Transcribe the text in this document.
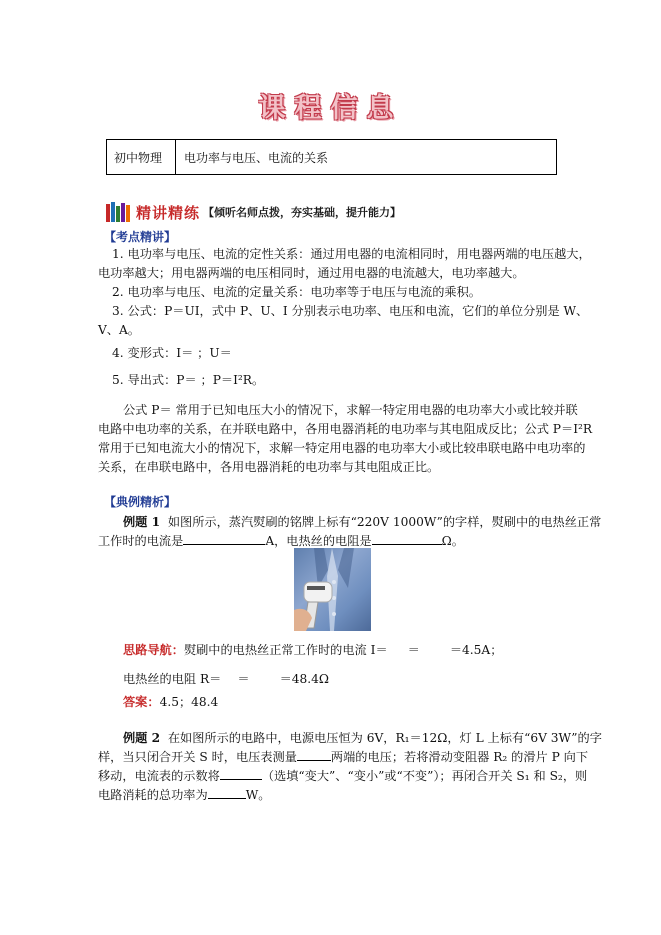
课程信息
初中物理	电功率与电压、电流的关系
精讲精练 【倾听名师点拨，夯实基础，提升能力】
【考点精讲】
1. 电功率与电压、电流的定性关系：通过用电器的电流相同时，用电器两端的电压越大，
电功率越大；用电器两端的电压相同时，通过用电器的电流越大，电功率越大。
2. 电功率与电压、电流的定量关系：电功率等于电压与电流的乘积。
3. 公式：P＝UI，式中 P、U、I 分别表示电功率、电压和电流，它们的单位分别是 W、
V、A。
4. 变形式：I＝ ；U＝
5. 导出式：P＝ ；P＝I²R。
公式 P＝ 常用于已知电压大小的情况下，求解一特定用电器的电功率大小或比较并联
电路中电功率的关系，在并联电路中，各用电器消耗的电功率与其电阻成反比；公式 P＝I²R
常用于已知电流大小的情况下，求解一特定用电器的电功率大小或比较串联电路中电功率的
关系，在串联电路中，各用电器消耗的电功率与其电阻成正比。
【典例精析】
例题 1 如图所示，蒸汽熨刷的铭牌上标有“220V 1000W”的字样，熨刷中的电热丝正常
工作时的电流是	A，电热丝的电阻是	Ω。
思路导航：熨刷中的电热丝正常工作时的电流 I＝ ＝ ＝4.5A；
电热丝的电阻 R＝ ＝ ＝48.4Ω
答案：4.5；48.4
例题 2 在如图所示的电路中，电源电压恒为 6V，R₁＝12Ω，灯 L 上标有“6V 3W”的字
样，当只闭合开关 S 时，电压表测量	两端的电压；若将滑动变阻器 R₂ 的滑片 P 向下
移动，电流表的示数将	（选填“变大”、“变小”或“不变”）；再闭合开关 S₁ 和 S₂，则
电路消耗的总功率为	W。
